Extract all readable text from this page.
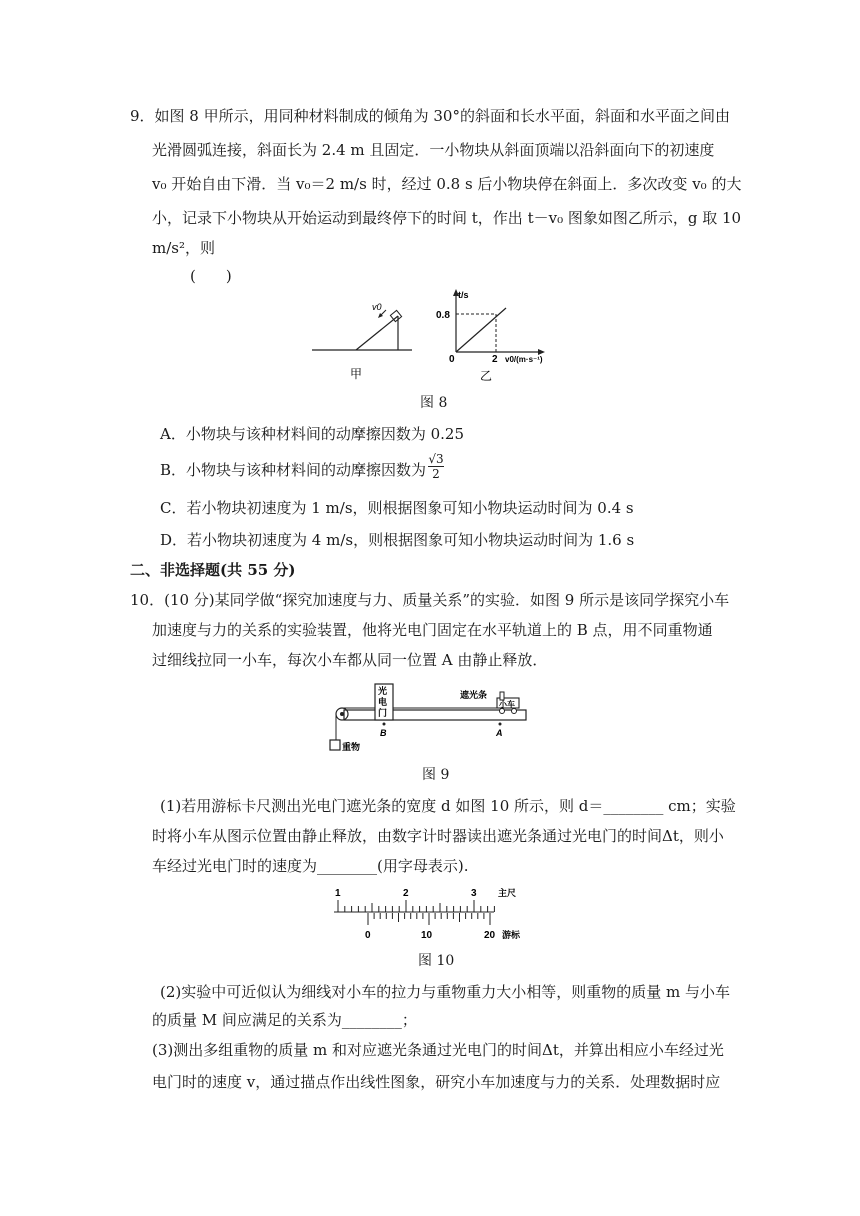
9．如图 8 甲所示，用同种材料制成的倾角为 30°的斜面和长水平面，斜面和水平面之间由
光滑圆弧连接，斜面长为 2.4 m 且固定．一小物块从斜面顶端以沿斜面向下的初速度
v₀ 开始自由下滑．当 v₀＝2 m/s 时，经过 0.8 s 后小物块停在斜面上．多次改变 v₀ 的大
小，记录下小物块从开始运动到最终停下的时间 t，作出 t－v₀ 图象如图乙所示，g 取 10
m/s²，则
(　　)
v0
甲
t/s
0.8
0	2 v0/(m·s⁻¹)
乙
图 8
A．小物块与该种材料间的动摩擦因数为 0.25
B．小物块与该种材料间的动摩擦因数为 $\frac{√3}{2}$
C．若小物块初速度为 1 m/s，则根据图象可知小物块运动时间为 0.4 s
D．若小物块初速度为 4 m/s，则根据图象可知小物块运动时间为 1.6 s
二、非选择题(共 55 分)
10．(10 分)某同学做“探究加速度与力、质量关系”的实验．如图 9 所示是该同学探究小车
加速度与力的关系的实验装置，他将光电门固定在水平轨道上的 B 点，用不同重物通
过细线拉同一小车，每次小车都从同一位置 A 由静止释放．
重物
光
电
门
B
遮光条
小车
A
图 9
(1)若用游标卡尺测出光电门遮光条的宽度 d 如图 10 所示，则 d＝________ cm；实验
时将小车从图示位置由静止释放，由数字计时器读出遮光条通过光电门的时间Δt，则小
车经过光电门时的速度为________(用字母表示).
1	2	3 主尺
0	10	20 游标
图 10
(2)实验中可近似认为细线对小车的拉力与重物重力大小相等，则重物的质量 m 与小车
的质量 M 间应满足的关系为________；
(3)测出多组重物的质量 m 和对应遮光条通过光电门的时间Δt，并算出相应小车经过光
电门时的速度 v，通过描点作出线性图象，研究小车加速度与力的关系．处理数据时应
